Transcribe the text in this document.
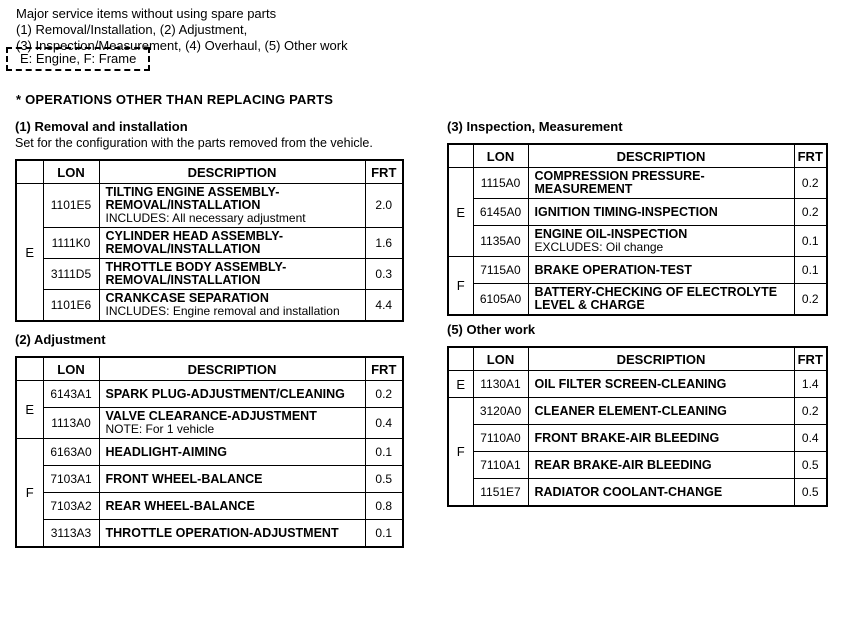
Major service items without using spare parts
(1) Removal/Installation, (2) Adjustment,
(3) Inspection/Measurement, (4) Overhaul, (5) Other work
E: Engine, F: Frame
* OPERATIONS OTHER THAN REPLACING PARTS
(1) Removal and installation
Set for the configuration with the parts removed from the vehicle.
	LON	DESCRIPTION	FRT
E	1101E5	TILTING ENGINE ASSEMBLY-REMOVAL/INSTALLATION
INCLUDES: All necessary adjustment	2.0
	1111K0	CYLINDER HEAD ASSEMBLY-REMOVAL/INSTALLATION	1.6
	3111D5	THROTTLE BODY ASSEMBLY-REMOVAL/INSTALLATION	0.3
	1101E6	CRANKCASE SEPARATION
INCLUDES: Engine removal and installation	4.4
(2) Adjustment
	LON	DESCRIPTION	FRT
E	6143A1	SPARK PLUG-ADJUSTMENT/CLEANING	0.2
	1113A0	VALVE CLEARANCE-ADJUSTMENT
NOTE: For 1 vehicle	0.4
F	6163A0	HEADLIGHT-AIMING	0.1
	7103A1	FRONT WHEEL-BALANCE	0.5
	7103A2	REAR WHEEL-BALANCE	0.8
	3113A3	THROTTLE OPERATION-ADJUSTMENT	0.1
(3) Inspection, Measurement
	LON	DESCRIPTION	FRT
E	1115A0	COMPRESSION PRESSURE-MEASUREMENT	0.2
	6145A0	IGNITION TIMING-INSPECTION	0.2
	1135A0	ENGINE OIL-INSPECTION
EXCLUDES: Oil change	0.1
F	7115A0	BRAKE OPERATION-TEST	0.1
	6105A0	BATTERY-CHECKING OF ELECTROLYTE LEVEL & CHARGE	0.2
(5) Other work
	LON	DESCRIPTION	FRT
E	1130A1	OIL FILTER SCREEN-CLEANING	1.4
F	3120A0	CLEANER ELEMENT-CLEANING	0.2
	7110A0	FRONT BRAKE-AIR BLEEDING	0.4
	7110A1	REAR BRAKE-AIR BLEEDING	0.5
	1151E7	RADIATOR COOLANT-CHANGE	0.5
